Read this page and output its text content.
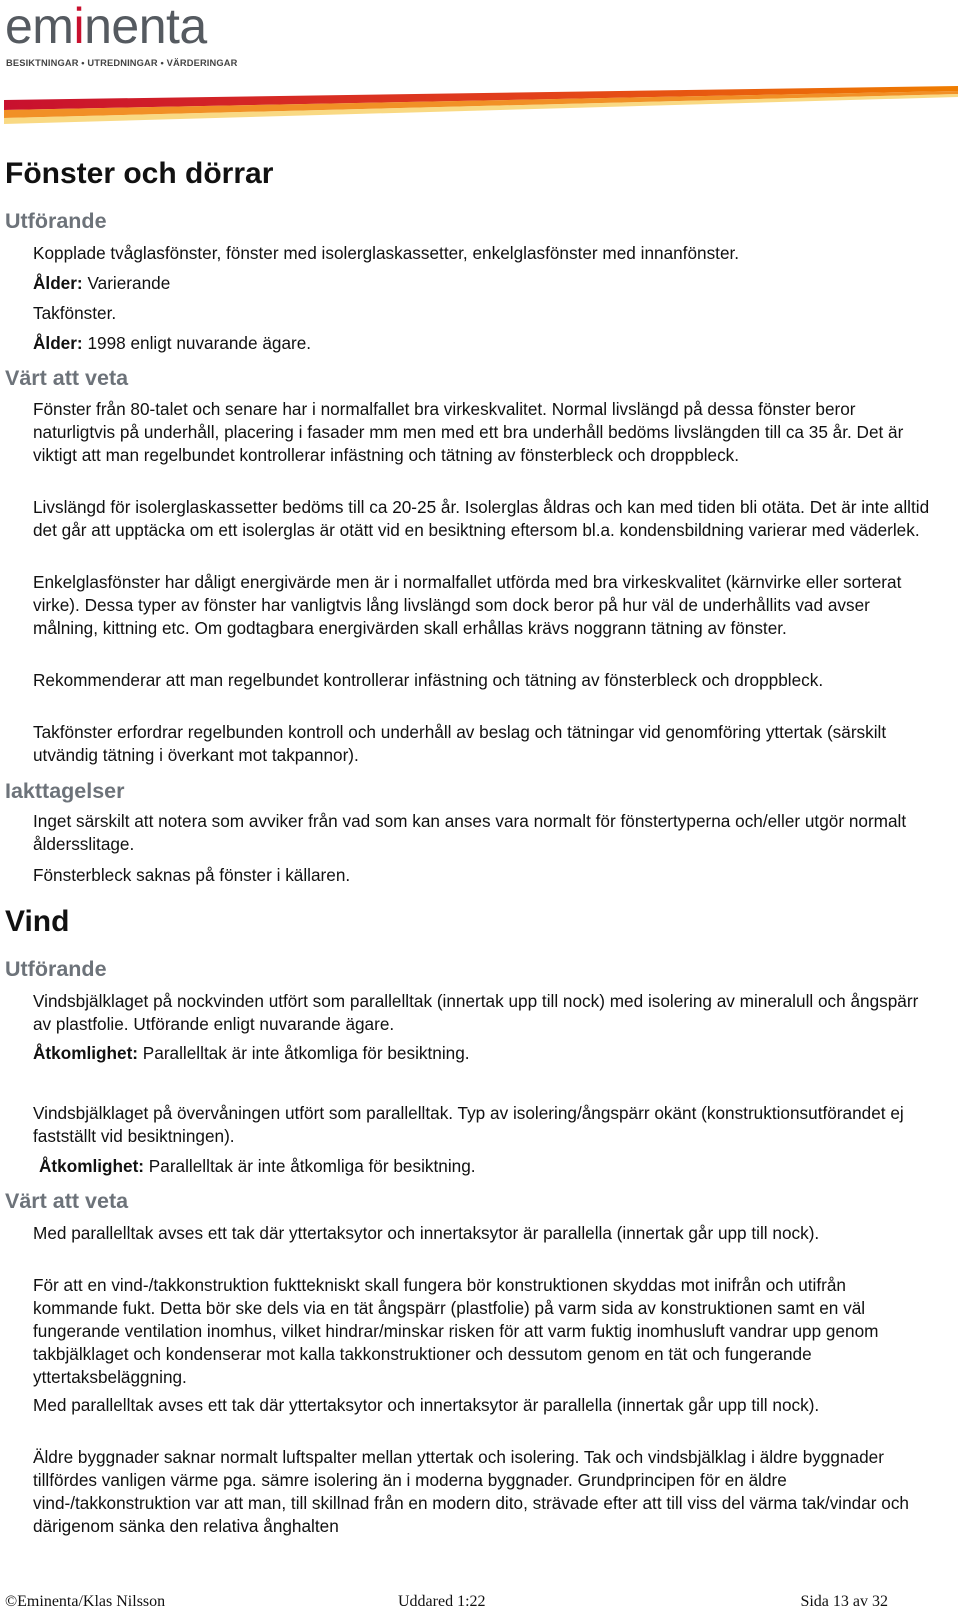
eminenta
BESIKTNINGAR • UTREDNINGAR • VÄRDERINGAR
Fönster och dörrar
Utförande

Kopplade tvåglasfönster, fönster med isolerglaskassetter, enkelglasfönster med innanfönster.

Ålder: Varierande

Takfönster.

Ålder: 1998 enligt nuvarande ägare.

Värt att veta

Fönster från 80-talet och senare har i normalfallet bra virkeskvalitet. Normal livslängd på dessa fönster beror naturligtvis på underhåll, placering i fasader mm men med ett bra underhåll bedöms livslängden till ca 35 år. Det är viktigt att man regelbundet kontrollerar infästning och tätning av fönsterbleck och droppbleck.

Livslängd för isolerglaskassetter bedöms till ca 20-25 år. Isolerglas åldras och kan med tiden bli otäta. Det är inte alltid det går att upptäcka om ett isolerglas är otätt vid en besiktning eftersom bl.a. kondensbildning varierar med väderlek.

Enkelglasfönster har dåligt energivärde men är i normalfallet utförda med bra virkeskvalitet (kärnvirke eller sorterat virke). Dessa typer av fönster har vanligtvis lång livslängd som dock beror på hur väl de underhållits vad avser målning, kittning etc. Om godtagbara energivärden skall erhållas krävs noggrann tätning av fönster.

Rekommenderar att man regelbundet kontrollerar infästning och tätning av fönsterbleck och droppbleck.

Takfönster erfordrar regelbunden kontroll och underhåll av beslag och tätningar vid genomföring yttertak (särskilt utvändig tätning i överkant mot takpannor).

Iakttagelser

Inget särskilt att notera som avviker från vad som kan anses vara normalt för fönstertyperna och/eller utgör normalt åldersslitage.

Fönsterbleck saknas på fönster i källaren.

Vind
Utförande

Vindsbjälklaget på nockvinden utfört som parallelltak (innertak upp till nock) med isolering av mineralull och ångspärr av plastfolie. Utförande enligt nuvarande ägare.

Åtkomlighet: Parallelltak är inte åtkomliga för besiktning.

Vindsbjälklaget på övervåningen utfört som parallelltak. Typ av isolering/ångspärr okänt (konstruktionsutförandet ej fastställt vid besiktningen).

Åtkomlighet: Parallelltak är inte åtkomliga för besiktning.

Värt att veta

Med parallelltak avses ett tak där yttertaksytor och innertaksytor är parallella (innertak går upp till nock).

För att en vind-/takkonstruktion fukttekniskt skall fungera bör konstruktionen skyddas mot inifrån och utifrån kommande fukt. Detta bör ske dels via en tät ångspärr (plastfolie) på varm sida av konstruktionen samt en väl fungerande ventilation inomhus, vilket hindrar/minskar risken för att varm fuktig inomhusluft vandrar upp genom takbjälklaget och kondenserar mot kalla takkonstruktioner och dessutom genom en tät och fungerande yttertaksbeläggning.

Med parallelltak avses ett tak där yttertaksytor och innertaksytor är parallella (innertak går upp till nock).

Äldre byggnader saknar normalt luftspalter mellan yttertak och isolering. Tak och vindsbjälklag i äldre byggnader tillfördes vanligen värme pga. sämre isolering än i moderna byggnader. Grundprincipen för en äldre vind-/takkonstruktion var att man, till skillnad från en modern dito, strävade efter att till viss del värma tak/vindar och därigenom sänka den relativa ånghalten

©Eminenta/Klas Nilsson	Uddared 1:22	Sida 13 av 32
